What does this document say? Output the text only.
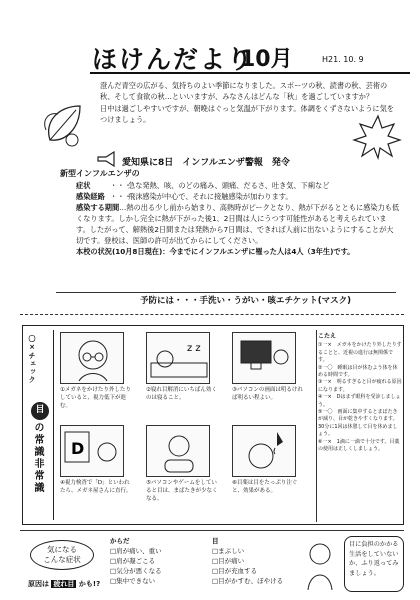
ほけんだより
10月	H21. 10. 9

澄んだ青空の広がる、気持ちのよい季節になりました。スポーツの秋、読書の秋、芸術の秋、そして食欲の秋…といいますが、みなさんはどんな「秋」を過ごしていますか？

日中は過ごしやすいですが、朝晩はぐっと気温が下がります。体調をくずさないように気をつけましょう。

愛知県に8日　インフルエンザ警報　発令
新型インフルエンザの
症状	・・・
急な発熱、咳、のどの痛み、頭痛、だるさ、吐き気、下痢など
感染経路 ・・・
飛沫感染が中心で、それに接触感染が加わります。
感染する期間…熱の出る少し前から始まり、高熱時がピークとなり、熱が下がるとともに感染力も低くなります。しかし完全に熱が下がった後1、2日間は人にうつす可能性があると考えられています。したがって、解熱後2日間または発熱から7日間は、できれば人前に出ないようにすることが大切です。登校は、医師の許可が出てからにしてください。
本校の状況(10月8日現在)：今までにインフルエンザに罹った人は4人（3年生)です。
予防には・・・手洗い・うがい・咳エチケット(マスク)
〇×チェック
目
の常識非常識
①メガネをかけたり外したりしていると、視力低下が進む。
z z
②寝れ目解消にいちばん効くのは寝ること。
③パソコンの画面は明るければ明るい程よい。
D
④視力検査で「D」といわれたら、メガネ屋さんに直行。
⑤パソコンやゲームをしていると目は、まばたきが少なくなる。
⑥目薬は目をたっぷり注ぐと、効果がある。
こたえ
①一×　メガネをかけたり外したりすることと、近視の進行は無関係です。
②一〇　睡眠は目が休むよう体を休める時間です。
③一×　明るすぎると目が疲れる原因になります。
④一×　Dはまず眼科を受診しましょう。
⑤一〇　画面に集中するとまばたきが減り、目が乾きやすくなります。30分に1回は休憩して目を休めましょう。
⑥一×　1滴に一滴で十分です。目薬の使用は正しくしましょう。
気になる
こんな症状
原因は 疲れ目 かも!?
からだ
□肩が痛い、重い
□肩が凝ごこる
□気分が悪くなる
□集中できない
目
□まぶしい
□目が痛い
□目が充血する
□目がかすむ、ぼやける
目に負担のかかる生活をしていないか、ふり返ってみましょう。
